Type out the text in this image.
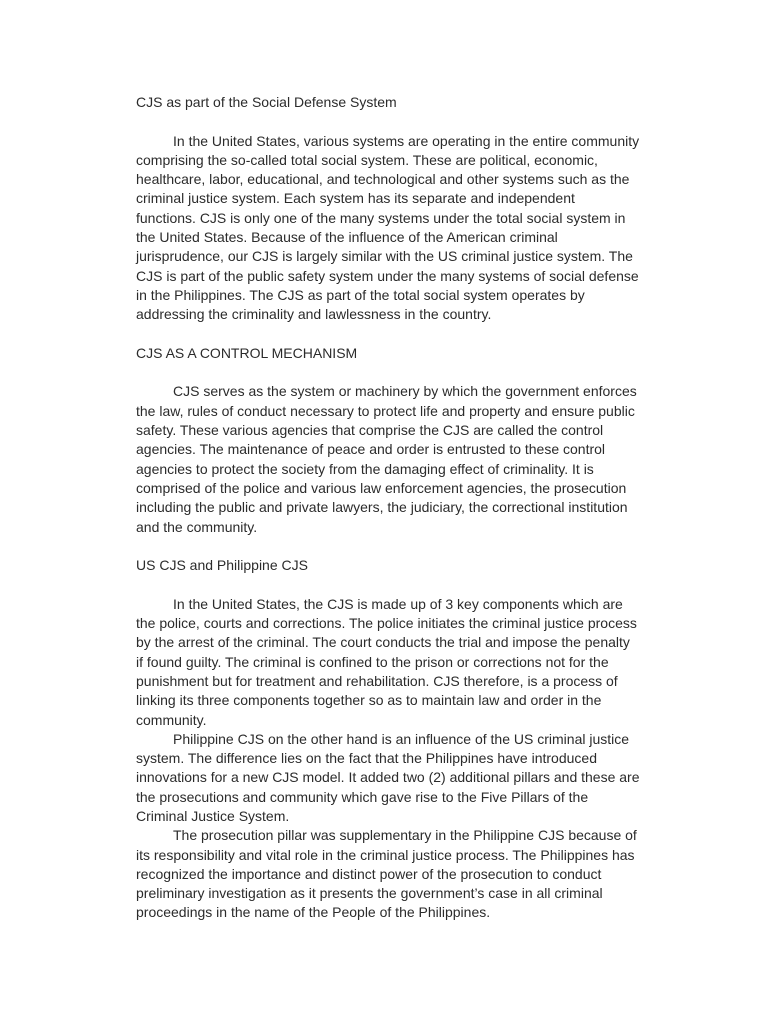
CJS as part of the Social Defense System

In the United States, various systems are operating in the entire community
comprising the so-called total social system. These are political, economic,
healthcare, labor, educational, and technological and other systems such as the
criminal justice system. Each system has its separate and independent
functions. CJS is only one of the many systems under the total social system in
the United States. Because of the influence of the American criminal
jurisprudence, our CJS is largely similar with the US criminal justice system. The
CJS is part of the public safety system under the many systems of social defense
in the Philippines. The CJS as part of the total social system operates by
addressing the criminality and lawlessness in the country.

CJS AS A CONTROL MECHANISM

CJS serves as the system or machinery by which the government enforces
the law, rules of conduct necessary to protect life and property and ensure public
safety. These various agencies that comprise the CJS are called the control
agencies. The maintenance of peace and order is entrusted to these control
agencies to protect the society from the damaging effect of criminality. It is
comprised of the police and various law enforcement agencies, the prosecution
including the public and private lawyers, the judiciary, the correctional institution
and the community.

US CJS and Philippine CJS

In the United States, the CJS is made up of 3 key components which are
the police, courts and corrections. The police initiates the criminal justice process
by the arrest of the criminal. The court conducts the trial and impose the penalty
if found guilty. The criminal is confined to the prison or corrections not for the
punishment but for treatment and rehabilitation. CJS therefore, is a process of
linking its three components together so as to maintain law and order in the
community.

Philippine CJS on the other hand is an influence of the US criminal justice
system. The difference lies on the fact that the Philippines have introduced
innovations for a new CJS model. It added two (2) additional pillars and these are
the prosecutions and community which gave rise to the Five Pillars of the
Criminal Justice System.

The prosecution pillar was supplementary in the Philippine CJS because of
its responsibility and vital role in the criminal justice process. The Philippines has
recognized the importance and distinct power of the prosecution to conduct
preliminary investigation as it presents the government’s case in all criminal
proceedings in the name of the People of the Philippines.
